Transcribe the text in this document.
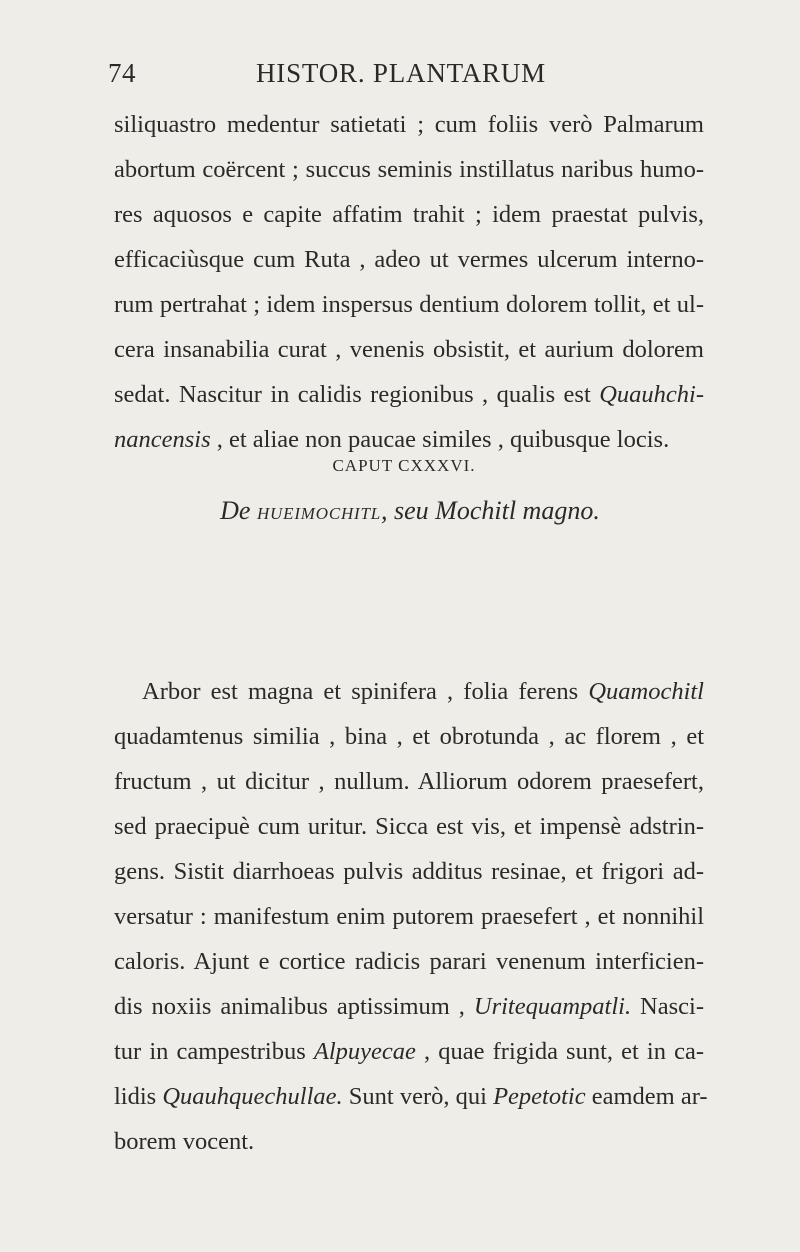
74	HISTOR. PLANTARUM
siliquastro medentur satietati ; cum foliis verò Palmarum
abortum coërcent ; succus seminis instillatus naribus humo-
res aquosos e capite affatim trahit ; idem praestat pulvis,
efficaciùsque cum Ruta , adeo ut vermes ulcerum interno-
rum pertrahat ; idem inspersus dentium dolorem tollit, et ul-
cera insanabilia curat , venenis obsistit, et aurium dolorem
sedat. Nascitur in calidis regionibus , qualis est Quauhchi-
nancensis , et aliae non paucae similes , quibusque locis.
CAPUT CXXXVI.
De HUEIMOCHITL, seu Mochitl magno.
Arbor est magna et spinifera , folia ferens Quamochitl
quadamtenus similia , bina , et obrotunda , ac florem , et
fructum , ut dicitur , nullum. Alliorum odorem praesefert,
sed praecipuè cum uritur. Sicca est vis, et impensè adstrin-
gens. Sistit diarrhoeas pulvis additus resinae, et frigori ad-
versatur : manifestum enim putorem praesefert , et nonnihil
caloris. Ajunt e cortice radicis parari venenum interficien-
dis noxiis animalibus aptissimum , Uritequampatli. Nasci-
tur in campestribus Alpuyecae , quae frigida sunt, et in ca-
lidis Quauhquechullae. Sunt verò, qui Pepetotic eamdem ar-
borem vocent.
